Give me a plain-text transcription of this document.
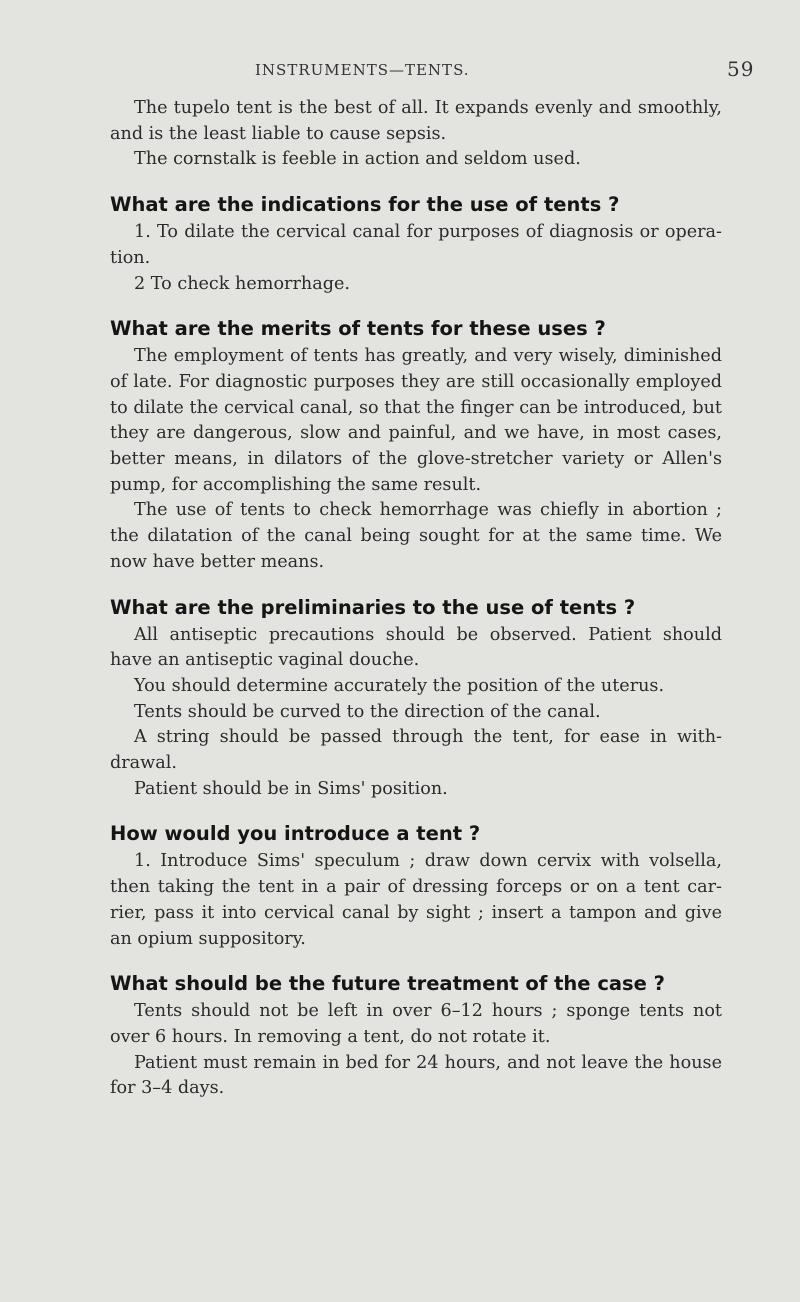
INSTRUMENTS—TENTS.	59

The tupelo tent is the best of all. It expands evenly and smoothly, and is the least liable to cause sepsis.

The cornstalk is feeble in action and seldom used.

What are the indications for the use of tents ?

1. To dilate the cervical canal for purposes of diagnosis or opera- tion.

2 To check hemorrhage.

What are the merits of tents for these uses ?

The employment of tents has greatly, and very wisely, diminished of late. For diagnostic purposes they are still occasionally employed to dilate the cervical canal, so that the finger can be introduced, but they are dangerous, slow and painful, and we have, in most cases, better means, in dilators of the glove-stretcher variety or Allen's pump, for accomplishing the same result.

The use of tents to check hemorrhage was chiefly in abortion ; the dilatation of the canal being sought for at the same time. We now have better means.

What are the preliminaries to the use of tents ?

All antiseptic precautions should be observed. Patient should have an antiseptic vaginal douche.

You should determine accurately the position of the uterus.

Tents should be curved to the direction of the canal.

A string should be passed through the tent, for ease in with- drawal.

Patient should be in Sims' position.

How would you introduce a tent ?

1. Introduce Sims' speculum ; draw down cervix with volsella, then taking the tent in a pair of dressing forceps or on a tent car- rier, pass it into cervical canal by sight ; insert a tampon and give an opium suppository.

What should be the future treatment of the case ?

Tents should not be left in over 6–12 hours ; sponge tents not over 6 hours. In removing a tent, do not rotate it.

Patient must remain in bed for 24 hours, and not leave the house for 3–4 days.
